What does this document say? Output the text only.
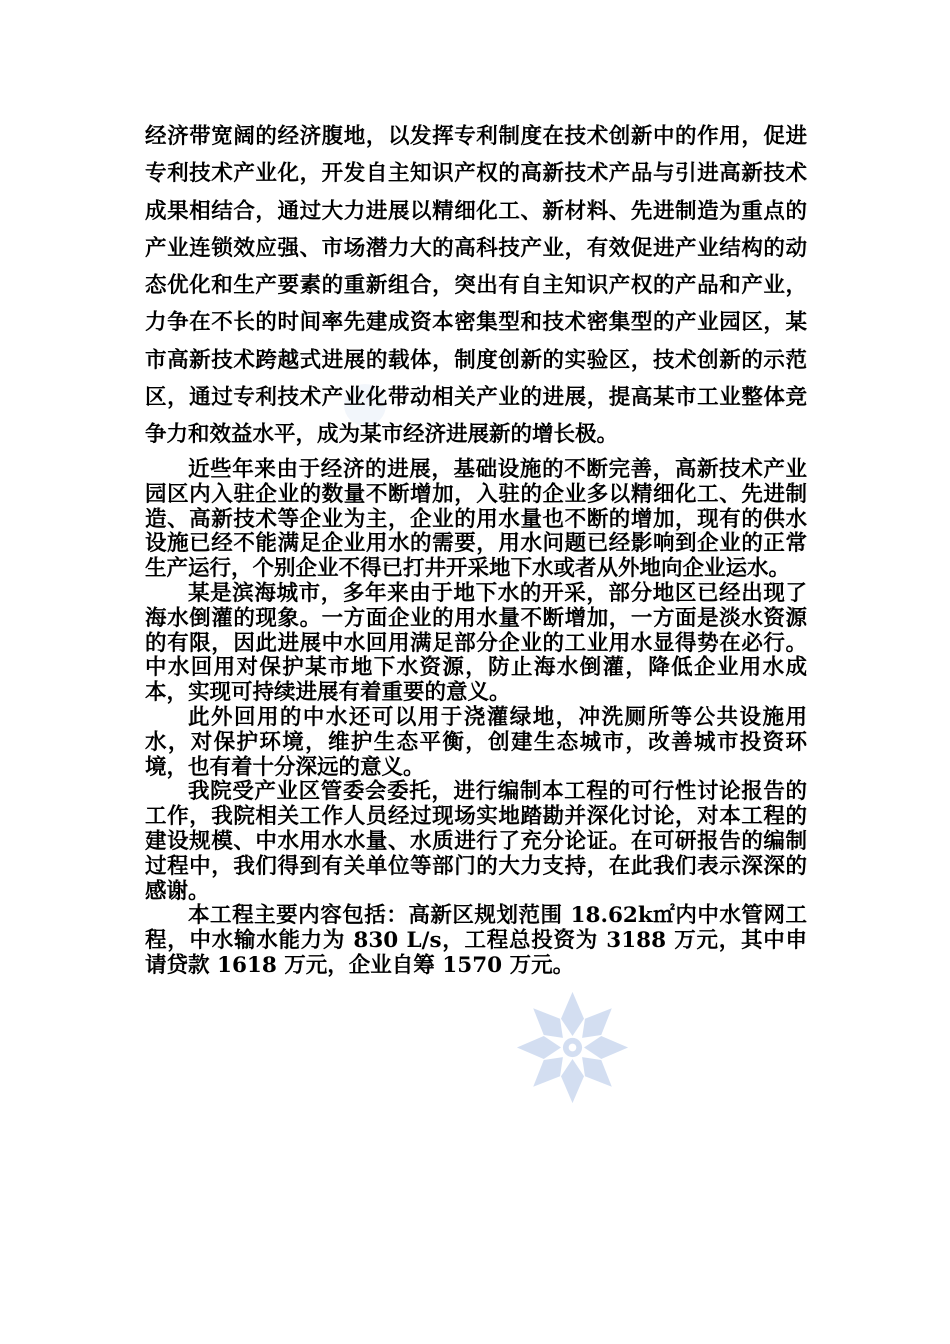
经济带宽阔的经济腹地，以发挥专利制度在技术创新中的作用，促进专利技术产业化，开发自主知识产权的高新技术产品与引进高新技术成果相结合，通过大力进展以精细化工、新材料、先进制造为重点的产业连锁效应强、市场潜力大的高科技产业，有效促进产业结构的动态优化和生产要素的重新组合，突出有自主知识产权的产品和产业，力争在不长的时间率先建成资本密集型和技术密集型的产业园区，某市高新技术跨越式进展的载体，制度创新的实验区，技术创新的示范区，通过专利技术产业化带动相关产业的进展，提高某市工业整体竞争力和效益水平，成为某市经济进展新的增长极。

近些年来由于经济的进展，基础设施的不断完善，高新技术产业园区内入驻企业的数量不断增加，入驻的企业多以精细化工、先进制造、高新技术等企业为主，企业的用水量也不断的增加，现有的供水设施已经不能满足企业用水的需要，用水问题已经影响到企业的正常生产运行，个别企业不得已打井开采地下水或者从外地向企业运水。

某是滨海城市，多年来由于地下水的开采，部分地区已经出现了海水倒灌的现象。一方面企业的用水量不断增加，一方面是淡水资源的有限，因此进展中水回用满足部分企业的工业用水显得势在必行。中水回用对保护某市地下水资源，防止海水倒灌，降低企业用水成本，实现可持续进展有着重要的意义。

此外回用的中水还可以用于浇灌绿地，冲洗厕所等公共设施用水，对保护环境，维护生态平衡，创建生态城市，改善城市投资环境，也有着十分深远的意义。

我院受产业区管委会委托，进行编制本工程的可行性讨论报告的工作，我院相关工作人员经过现场实地踏勘并深化讨论，对本工程的建设规模、中水用水水量、水质进行了充分论证。在可研报告的编制过程中，我们得到有关单位等部门的大力支持，在此我们表示深深的感谢。

本工程主要内容包括：高新区规划范围 18.62k㎡内中水管网工程，中水输水能力为 830 L/s，工程总投资为 3188 万元，其中申请贷款 1618 万元，企业自筹 1570 万元。
